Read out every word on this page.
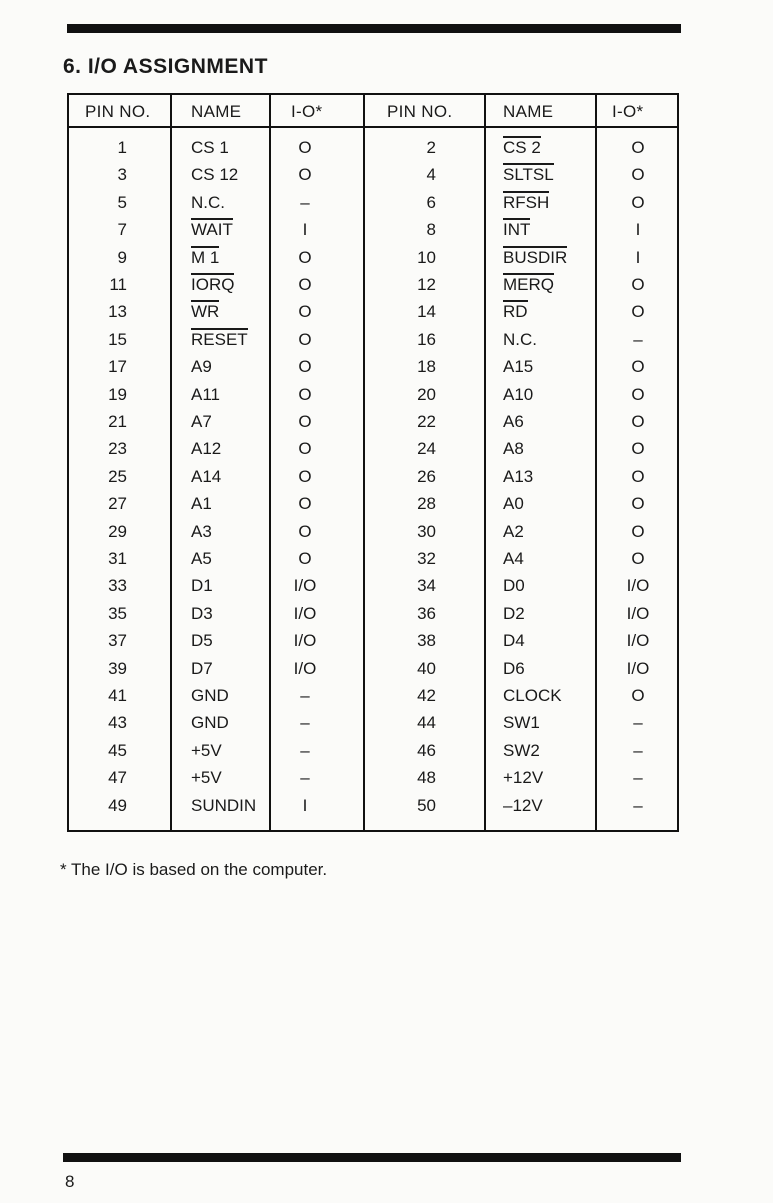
6. I/O ASSIGNMENT
PIN NO. NAME	I-O*	PIN NO.	NAME	I-O*
1	CS 1	O	2	CS 2	O
3	CS 12	O	4	SLTSL	O
5	N.C.	–	6	RFSH	O
7	WAIT	I	8	INT	I
9	M 1	O	10	BUSDIR	I
11	IORQ	O	12	MERQ	O
13	WR	O	14	RD	O
15	RESET	O	16	N.C.	–
17	A9	O	18	A15	O
19	A11	O	20	A10	O
21	A7	O	22	A6	O
23	A12	O	24	A8	O
25	A14	O	26	A13	O
27	A1	O	28	A0	O
29	A3	O	30	A2	O
31	A5	O	32	A4	O
33	D1	I/O	34	D0	I/O
35	D3	I/O	36	D2	I/O
37	D5	I/O	38	D4	I/O
39	D7	I/O	40	D6	I/O
41	GND	–	42	CLOCK	O
43	GND	–	44	SW1	–
45	+5V	–	46	SW2	–
47	+5V	–	48	+12V	–
49	SUNDIN	I	50	–12V	–
* The I/O is based on the computer.
8
